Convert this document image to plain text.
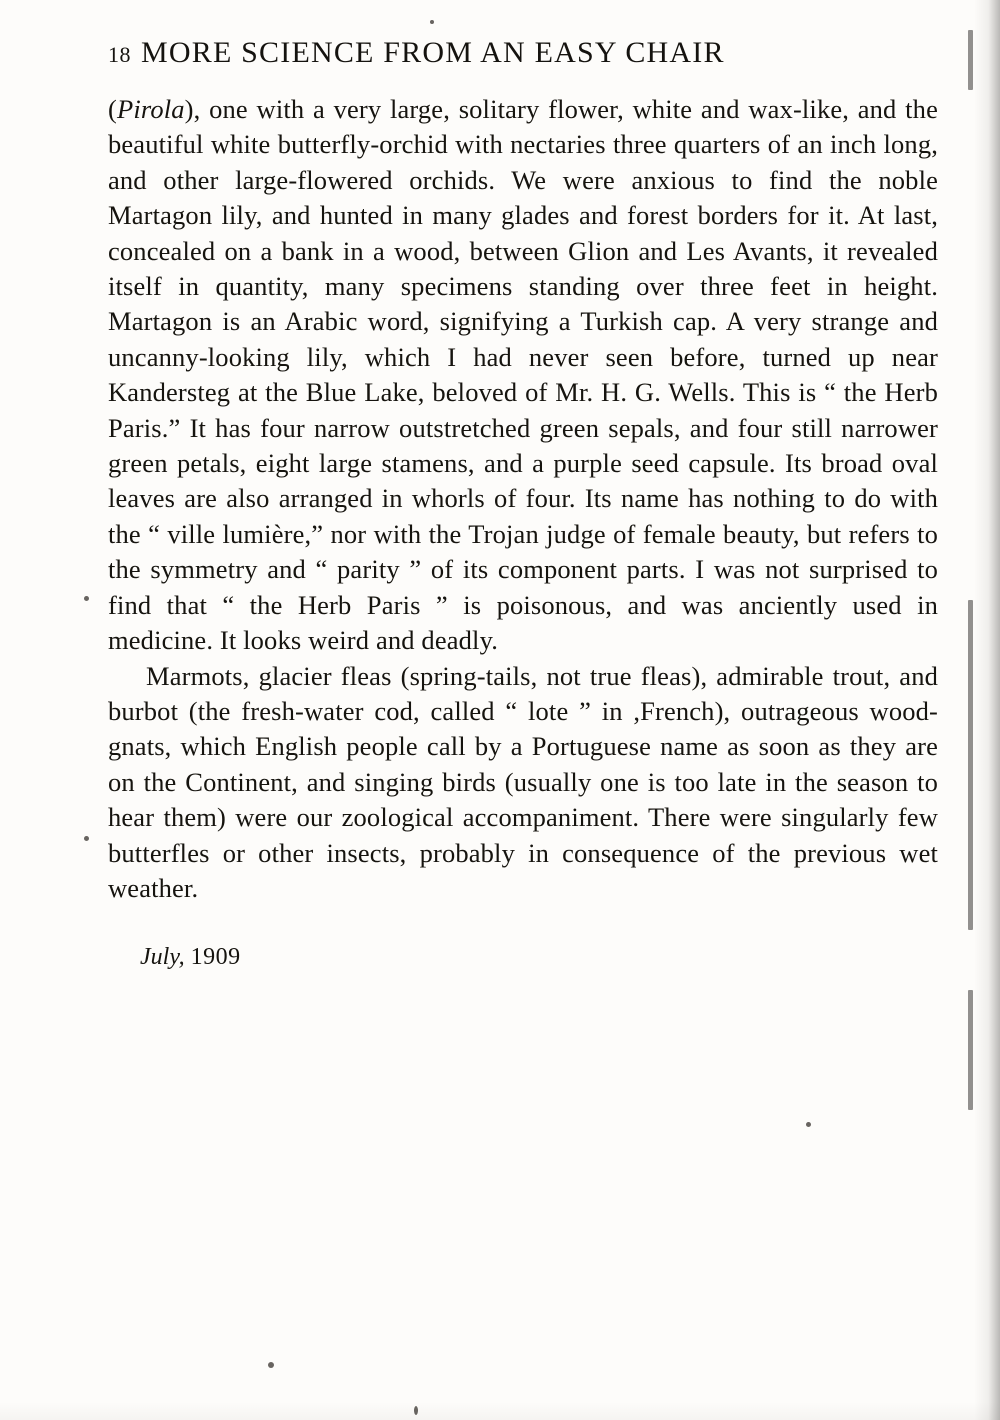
18 MORE SCIENCE FROM AN EASY CHAIR

(Pirola), one with a very large, solitary flower, white and wax-like, and the beautiful white butterfly-orchid with nectaries three quarters of an inch long, and other large-flowered orchids. We were anxious to find the noble Martagon lily, and hunted in many glades and forest borders for it. At last, concealed on a bank in a wood, between Glion and Les Avants, it revealed itself in quantity, many specimens standing over three feet in height. Martagon is an Arabic word, signifying a Turkish cap. A very strange and uncanny-looking lily, which I had never seen before, turned up near Kandersteg at the Blue Lake, beloved of Mr. H. G. Wells. This is “ the Herb Paris.” It has four narrow outstretched green sepals, and four still narrower green petals, eight large stamens, and a purple seed capsule. Its broad oval leaves are also arranged in whorls of four. Its name has nothing to do with the “ ville lumière,” nor with the Trojan judge of female beauty, but refers to the symmetry and “ parity ” of its component parts. I was not surprised to find that “ the Herb Paris ” is poisonous, and was anciently used in medicine. It looks weird and deadly.

Marmots, glacier fleas (spring-tails, not true fleas), admirable trout, and burbot (the fresh-water cod, called “ lote ” in ,French), outrageous wood-gnats, which English people call by a Portuguese name as soon as they are on the Continent, and singing birds (usually one is too late in the season to hear them) were our zoological accompaniment. There were singularly few butterfles or other insects, probably in consequence of the previous wet weather.

July, 1909
